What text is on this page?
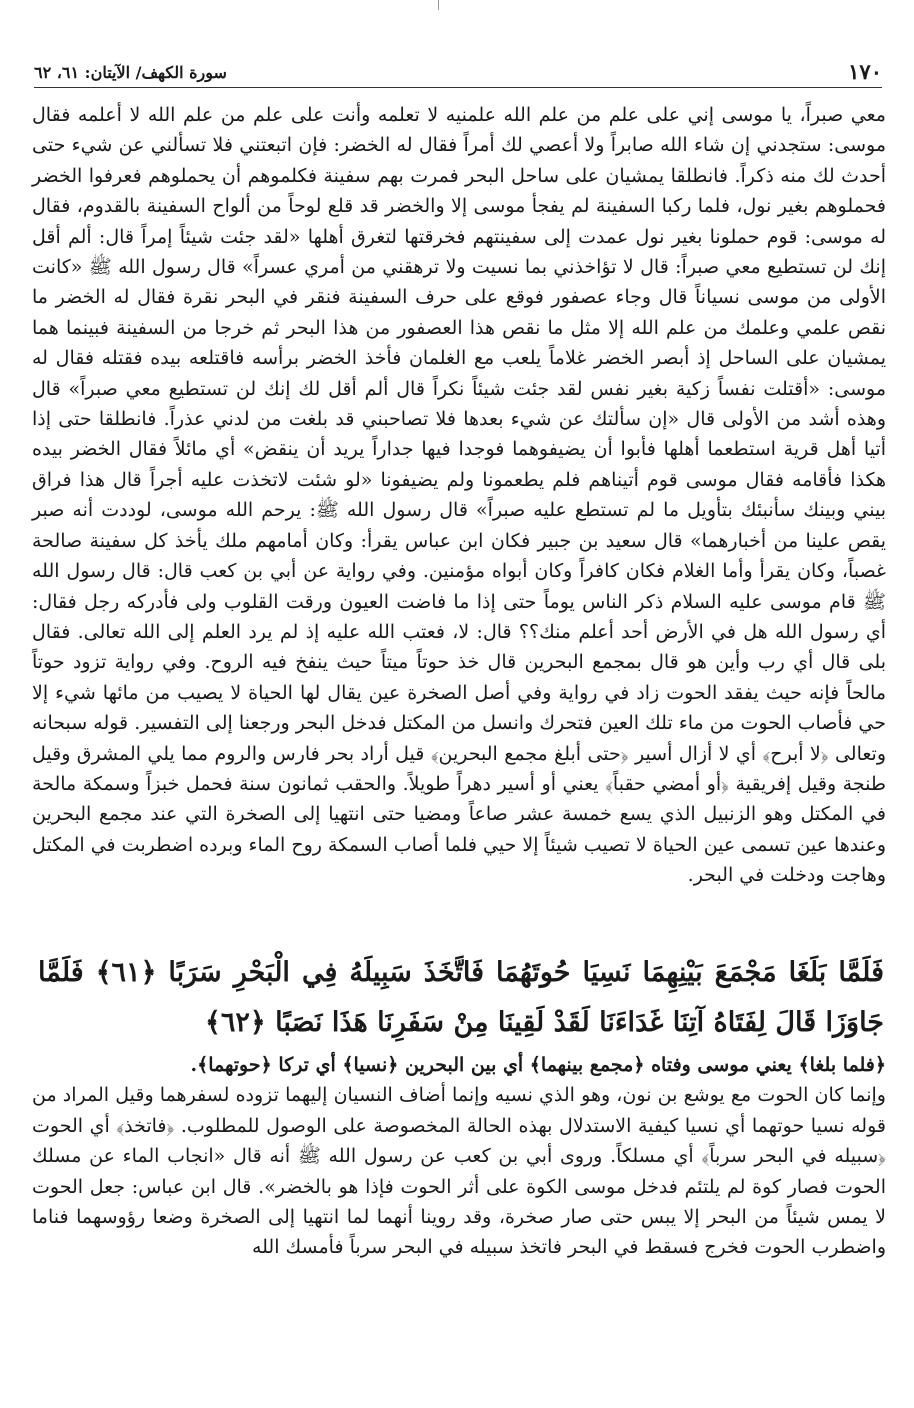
١٧٠
سورة الكهف/ الآيتان: ٦١، ٦٢

معي صبراً، يا موسى إني على علم من علم الله علمنيه لا تعلمه وأنت على علم من علم الله لا أعلمه فقال موسى: ستجدني إن شاء الله صابراً ولا أعصي لك أمراً فقال له الخضر: فإن اتبعتني فلا تسألني عن شيء حتى أحدث لك منه ذكراً. فانطلقا يمشيان على ساحل البحر فمرت بهم سفينة فكلموهم أن يحملوهم فعرفوا الخضر فحملوهم بغير نول، فلما ركبا السفينة لم يفجأ موسى إلا والخضر قد قلع لوحاً من ألواح السفينة بالقدوم، فقال له موسى: قوم حملونا بغير نول عمدت إلى سفينتهم فخرقتها لتغرق أهلها «لقد جئت شيئاً إمراً قال: ألم أقل إنك لن تستطيع معي صبراً: قال لا تؤاخذني بما نسيت ولا ترهقني من أمري عسراً» قال رسول الله ﷺ «كانت الأولى من موسى نسياناً قال وجاء عصفور فوقع على حرف السفينة فنقر في البحر نقرة فقال له الخضر ما نقص علمي وعلمك من علم الله إلا مثل ما نقص هذا العصفور من هذا البحر ثم خرجا من السفينة فبينما هما يمشيان على الساحل إذ أبصر الخضر غلاماً يلعب مع الغلمان فأخذ الخضر برأسه فاقتلعه بيده فقتله فقال له موسى: «أقتلت نفساً زكية بغير نفس لقد جئت شيئاً نكراً قال ألم أقل لك إنك لن تستطيع معي صبراً» قال وهذه أشد من الأولى قال «إن سألتك عن شيء بعدها فلا تصاحبني قد بلغت من لدني عذراً. فانطلقا حتى إذا أتيا أهل قرية استطعما أهلها فأبوا أن يضيفوهما فوجدا فيها جداراً يريد أن ينقض» أي مائلاً فقال الخضر بيده هكذا فأقامه فقال موسى قوم أتيناهم فلم يطعمونا ولم يضيفونا «لو شئت لاتخذت عليه أجراً قال هذا فراق بيني وبينك سأنبئك بتأويل ما لم تستطع عليه صبراً» قال رسول الله ﷺ: يرحم الله موسى، لوددت أنه صبر يقص علينا من أخبارهما» قال سعيد بن جبير فكان ابن عباس يقرأ: وكان أمامهم ملك يأخذ كل سفينة صالحة غصباً، وكان يقرأ وأما الغلام فكان كافراً وكان أبواه مؤمنين. وفي رواية عن أبي بن كعب قال: قال رسول الله ﷺ قام موسى عليه السلام ذكر الناس يوماً حتى إذا ما فاضت العيون ورقت القلوب ولى فأدركه رجل فقال: أي رسول الله هل في الأرض أحد أعلم منك؟؟ قال: لا، فعتب الله عليه إذ لم يرد العلم إلى الله تعالى. فقال بلى قال أي رب وأين هو قال بمجمع البحرين قال خذ حوتاً ميتاً حيث ينفخ فيه الروح. وفي رواية تزود حوتاً مالحاً فإنه حيث يفقد الحوت زاد في رواية وفي أصل الصخرة عين يقال لها الحياة لا يصيب من مائها شيء إلا حي فأصاب الحوت من ماء تلك العين فتحرك وانسل من المكتل فدخل البحر ورجعنا إلى التفسير. قوله سبحانه وتعالى ﴿لا أبرح﴾ أي لا أزال أسير ﴿حتى أبلغ مجمع البحرين﴾ قيل أراد بحر فارس والروم مما يلي المشرق وقيل طنجة وقيل إفريقية ﴿أو أمضي حقباً﴾ يعني أو أسير دهراً طويلاً. والحقب ثمانون سنة فحمل خبزاً وسمكة مالحة في المكتل وهو الزنبيل الذي يسع خمسة عشر صاعاً ومضيا حتى انتهيا إلى الصخرة التي عند مجمع البحرين وعندها عين تسمى عين الحياة لا تصيب شيئاً إلا حيي فلما أصاب السمكة روح الماء وبرده اضطربت في المكتل وهاجت ودخلت في البحر.

فَلَمَّا بَلَغَا مَجْمَعَ بَيْنِهِمَا نَسِيَا حُوتَهُمَا فَاتَّخَذَ سَبِيلَهُ فِي الْبَحْرِ سَرَبًا ﴿٦١﴾ فَلَمَّا جَاوَزَا قَالَ لِفَتَاهُ آتِنَا غَدَاءَنَا لَقَدْ لَقِينَا مِنْ سَفَرِنَا هَذَا نَصَبًا ﴿٦٢﴾

﴿فلما بلغا﴾ يعني موسى وفتاه ﴿مجمع بينهما﴾ أي بين البحرين ﴿نسيا﴾ أي تركا ﴿حوتهما﴾.

وإنما كان الحوت مع يوشع بن نون، وهو الذي نسيه وإنما أضاف النسيان إليهما تزوده لسفرهما وقيل المراد من قوله نسيا حوتهما أي نسيا كيفية الاستدلال بهذه الحالة المخصوصة على الوصول للمطلوب. ﴿فاتخذ﴾ أي الحوت ﴿سبيله في البحر سرباً﴾ أي مسلكاً. وروى أبي بن كعب عن رسول الله ﷺ أنه قال «انجاب الماء عن مسلك الحوت فصار كوة لم يلتئم فدخل موسى الكوة على أثر الحوت فإذا هو بالخضر». قال ابن عباس: جعل الحوت لا يمس شيئاً من البحر إلا يبس حتى صار صخرة، وقد روينا أنهما لما انتهيا إلى الصخرة وضعا رؤوسهما فناما واضطرب الحوت فخرج فسقط في البحر فاتخذ سبيله في البحر سرباً فأمسك الله
